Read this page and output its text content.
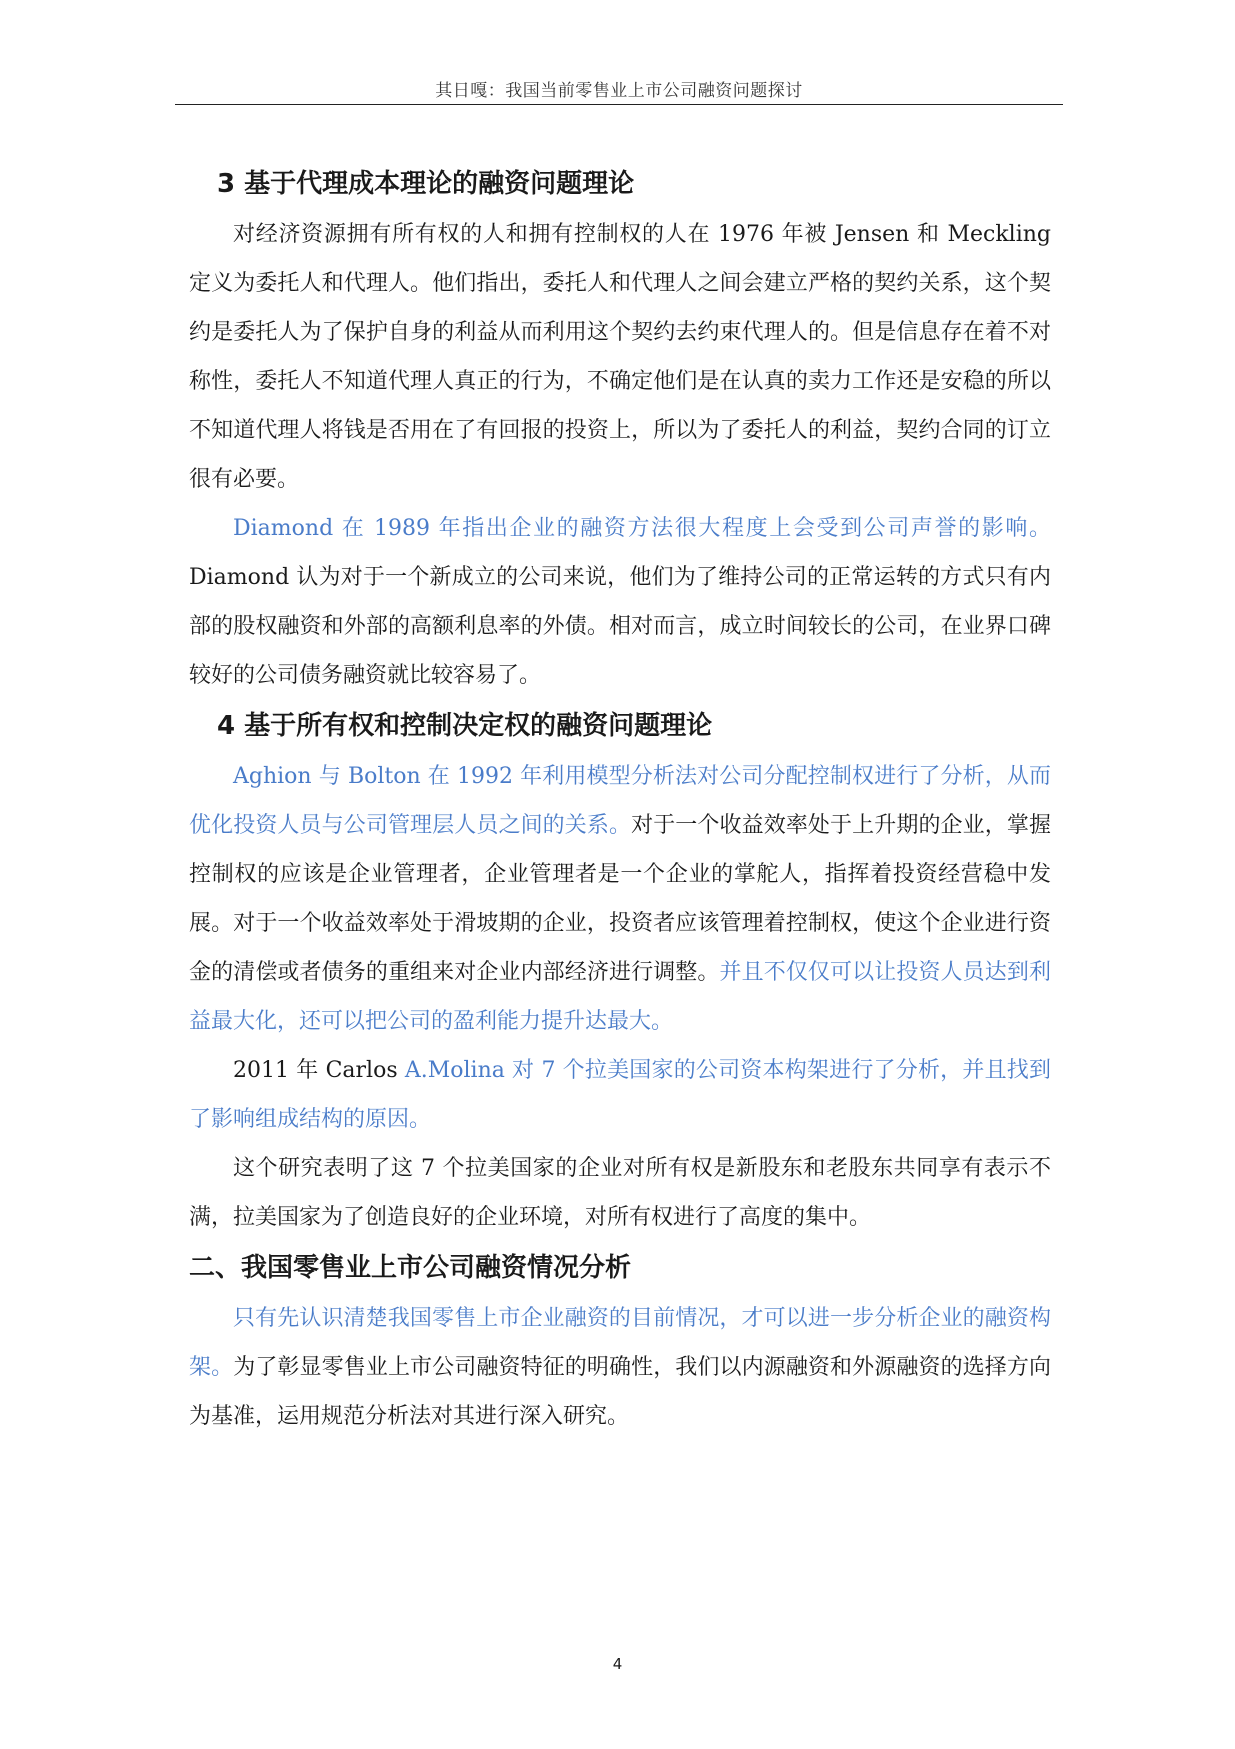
其日嘎：我国当前零售业上市公司融资问题探讨
3 基于代理成本理论的融资问题理论

对经济资源拥有所有权的人和拥有控制权的人在 1976 年被 Jensen 和 Meckling 定义为委托人和代理人。他们指出，委托人和代理人之间会建立严格的契约关系，这个契约是委托人为了保护自身的利益从而利用这个契约去约束代理人的。但是信息存在着不对称性，委托人不知道代理人真正的行为，不确定他们是在认真的卖力工作还是安稳的所以不知道代理人将钱是否用在了有回报的投资上，所以为了委托人的利益，契约合同的订立很有必要。

Diamond 在 1989 年指出企业的融资方法很大程度上会受到公司声誉的影响。Diamond 认为对于一个新成立的公司来说，他们为了维持公司的正常运转的方式只有内部的股权融资和外部的高额利息率的外债。相对而言，成立时间较长的公司，在业界口碑较好的公司债务融资就比较容易了。

4 基于所有权和控制决定权的融资问题理论

Aghion 与 Bolton 在 1992 年利用模型分析法对公司分配控制权进行了分析，从而优化投资人员与公司管理层人员之间的关系。对于一个收益效率处于上升期的企业，掌握控制权的应该是企业管理者，企业管理者是一个企业的掌舵人，指挥着投资经营稳中发展。对于一个收益效率处于滑坡期的企业，投资者应该管理着控制权，使这个企业进行资金的清偿或者债务的重组来对企业内部经济进行调整。并且不仅仅可以让投资人员达到利益最大化，还可以把公司的盈利能力提升达最大。

2011 年 Carlos A.Molina 对 7 个拉美国家的公司资本构架进行了分析，并且找到了影响组成结构的原因。

这个研究表明了这 7 个拉美国家的企业对所有权是新股东和老股东共同享有表示不满，拉美国家为了创造良好的企业环境，对所有权进行了高度的集中。

二、我国零售业上市公司融资情况分析

只有先认识清楚我国零售上市企业融资的目前情况，才可以进一步分析企业的融资构架。为了彰显零售业上市公司融资特征的明确性，我们以内源融资和外源融资的选择方向为基准，运用规范分析法对其进行深入研究。

4
